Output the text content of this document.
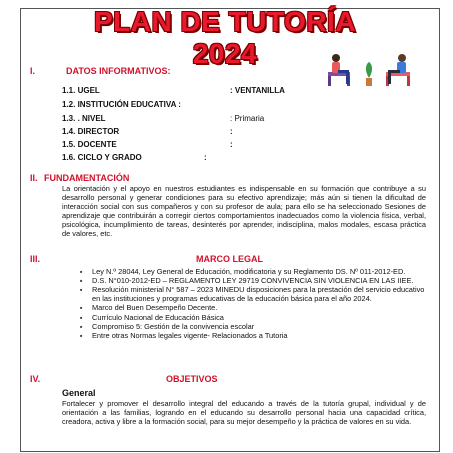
PLAN DE TUTORÍA 2024
I.	DATOS INFORMATIVOS:
1.1. UGEL	: VENTANILLA
1.2. INSTITUCIÓN EDUCATIVA :
1.3. . NIVEL	: Primaria
1.4. DIRECTOR	:
1.5. DOCENTE	:
1.6. CICLO Y GRADO	:
II. FUNDAMENTACIÓN
La orientación y el apoyo en nuestros estudiantes es indispensable en su formación que contribuye a su desarrollo personal y generar condiciones para su efectivo aprendizaje; más aún si tienen la dificultad de interacción social con sus compañeros y con su profesor de aula; para ello se ha seleccionado Sesiones de aprendizaje que contribuirán a corregir ciertos comportamientos inadecuados como la violencia física, verbal, psicológica, incumplimiento de tareas, desinterés por aprender, indisciplina, malos modales, escasa práctica de valores, etc.
III.	MARCO LEGAL
■ Ley N.º 28044, Ley General de Educación, modificatoria y su Reglamento DS. Nº 011-2012-ED.
■ D.S. N°010-2012-ED – REGLAMENTO LEY 29719 CONVIVENCIA SIN VIOLENCIA EN LAS IIEE.
■ Resolución ministerial N° 587 – 2023 MINEDU disposiciones para la prestación del servicio educativo en las instituciones y programas educativas de la educación básica para el año 2024.
■ Marco del Buen Desempeño Decente.
■ Currículo Nacional de Educación Básica
■ Compromiso 5: Gestión de la convivencia escolar
■ Entre otras Normas legales vigente- Relacionados a Tutoria
IV.	OBJETIVOS
General
Fortalecer y promover el desarrollo integral del educando a través de la tutoría grupal, individual y de orientación a las familias, logrando en el educando su desarrollo personal hacia una capacidad crítica, creadora, activa y libre a la formación social, para su mejor desempeño y la práctica de valores en su vida.
